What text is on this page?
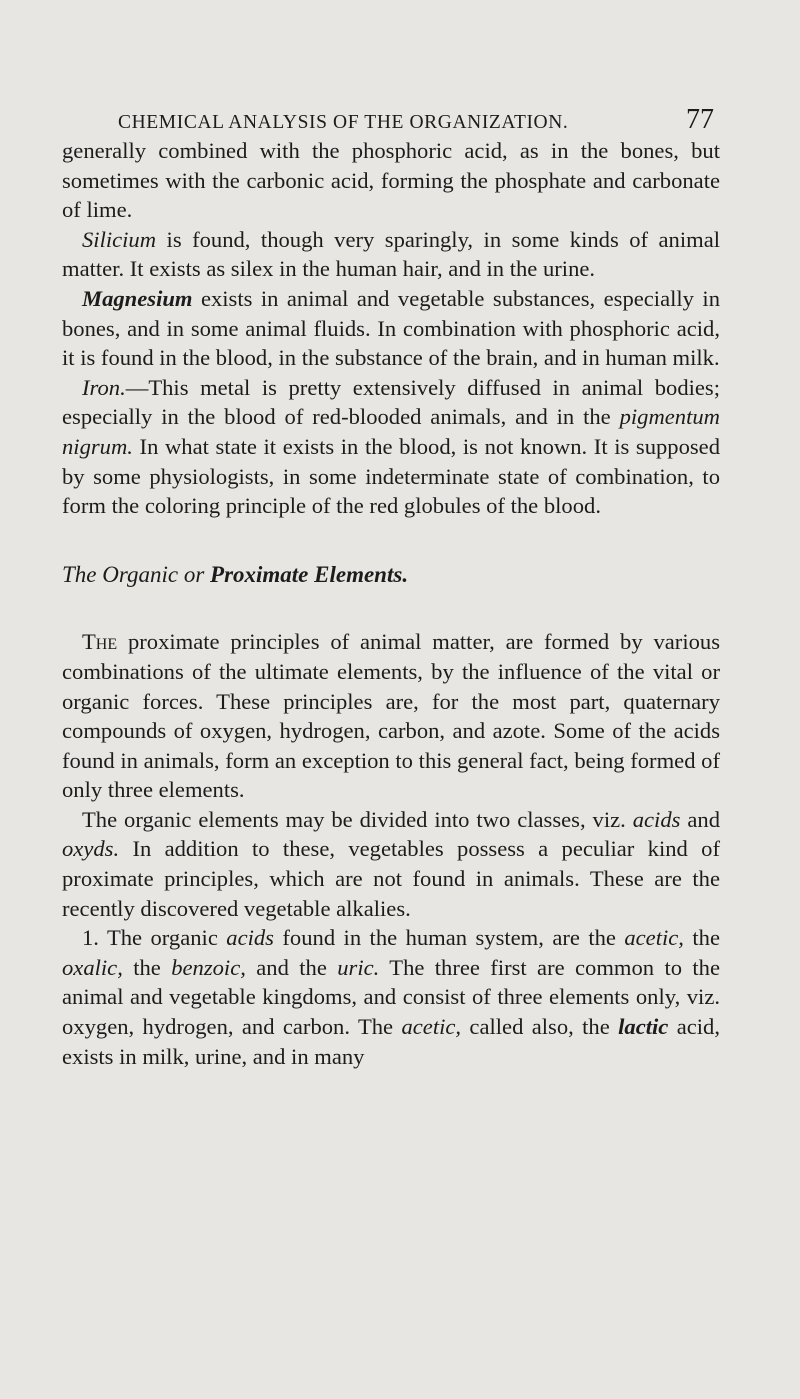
CHEMICAL ANALYSIS OF THE ORGANIZATION.	77

generally combined with the phosphoric acid, as in the bones, but sometimes with the carbonic acid, forming the phosphate and carbonate of lime.

Silicium is found, though very sparingly, in some kinds of animal matter. It exists as silex in the human hair, and in the urine.

Magnesium exists in animal and vegetable substances, especially in bones, and in some animal fluids. In combination with phosphoric acid, it is found in the blood, in the substance of the brain, and in human milk.

Iron.—This metal is pretty extensively diffused in animal bodies; especially in the blood of red-blooded animals, and in the pigmentum nigrum. In what state it exists in the blood, is not known. It is supposed by some physiologists, in some indeterminate state of combination, to form the coloring principle of the red globules of the blood.

The Organic or Proximate Elements.

The proximate principles of animal matter, are formed by various combinations of the ultimate elements, by the influence of the vital or organic forces. These principles are, for the most part, quaternary compounds of oxygen, hydrogen, carbon, and azote. Some of the acids found in animals, form an exception to this general fact, being formed of only three elements.

The organic elements may be divided into two classes, viz. acids and oxyds. In addition to these, vegetables possess a peculiar kind of proximate principles, which are not found in animals. These are the recently discovered vegetable alkalies.

1. The organic acids found in the human system, are the acetic, the oxalic, the benzoic, and the uric. The three first are common to the animal and vegetable kingdoms, and consist of three elements only, viz. oxygen, hydrogen, and carbon. The acetic, called also, the lactic acid, exists in milk, urine, and in many
